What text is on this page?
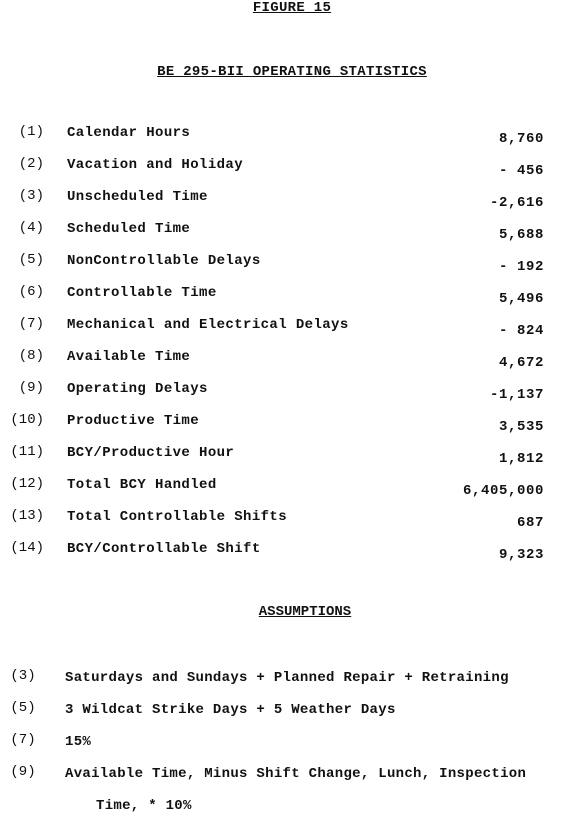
FIGURE 15
BE 295-BII OPERATING STATISTICS
(1) Calendar Hours	8,760
(2) Vacation and Holiday	- 456
(3) Unscheduled Time	-2,616
(4) Scheduled Time	5,688
(5) NonControllable Delays	- 192
(6) Controllable Time	5,496
(7) Mechanical and Electrical Delays	- 824
(8) Available Time	4,672
(9) Operating Delays	-1,137
(10) Productive Time	3,535
(11) BCY/Productive Hour	1,812
(12) Total BCY Handled	6,405,000
(13) Total Controllable Shifts	687
(14) BCY/Controllable Shift	9,323
ASSUMPTIONS
(3) Saturdays and Sundays + Planned Repair + Retraining
(5) 3 Wildcat Strike Days + 5 Weather Days
(7) 15%
(9) Available Time, Minus Shift Change, Lunch, Inspection
Time, * 10%
